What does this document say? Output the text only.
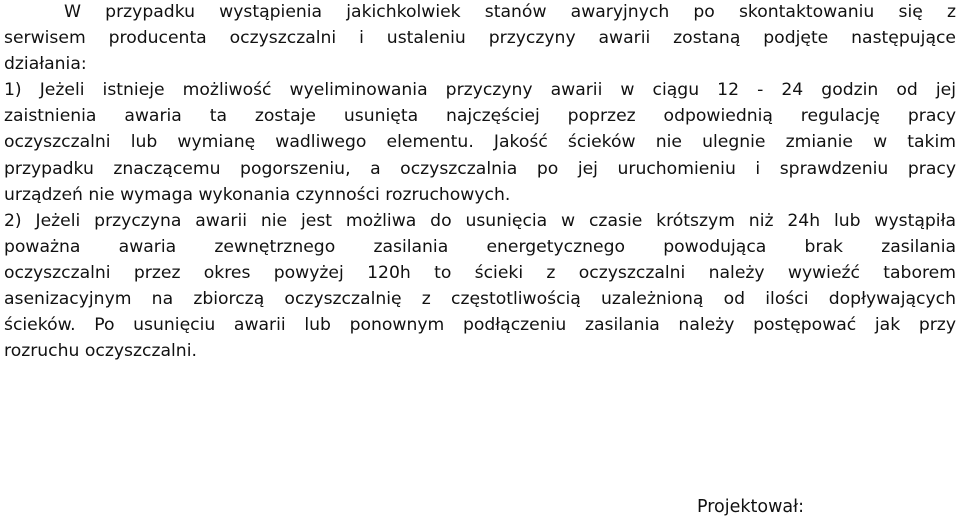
W przypadku wystąpienia jakichkolwiek stanów awaryjnych po skontaktowaniu się z
serwisem producenta oczyszczalni i ustaleniu przyczyny awarii zostaną podjęte następujące
działania:
1) Jeżeli istnieje możliwość wyeliminowania przyczyny awarii w ciągu 12 - 24 godzin od jej
zaistnienia awaria ta zostaje usunięta najczęściej poprzez odpowiednią regulację pracy
oczyszczalni lub wymianę wadliwego elementu. Jakość ścieków nie ulegnie zmianie w takim
przypadku znaczącemu pogorszeniu, a oczyszczalnia po jej uruchomieniu i sprawdzeniu pracy
urządzeń nie wymaga wykonania czynności rozruchowych.
2) Jeżeli przyczyna awarii nie jest możliwa do usunięcia w czasie krótszym niż 24h lub wystąpiła
poważna awaria zewnętrznego zasilania energetycznego powodująca brak zasilania
oczyszczalni przez okres powyżej 120h to ścieki z oczyszczalni należy wywieźć taborem
asenizacyjnym na zbiorczą oczyszczalnię z częstotliwością uzależnioną od ilości dopływających
ścieków. Po usunięciu awarii lub ponownym podłączeniu zasilania należy postępować jak przy
rozruchu oczyszczalni.
Projektował:
